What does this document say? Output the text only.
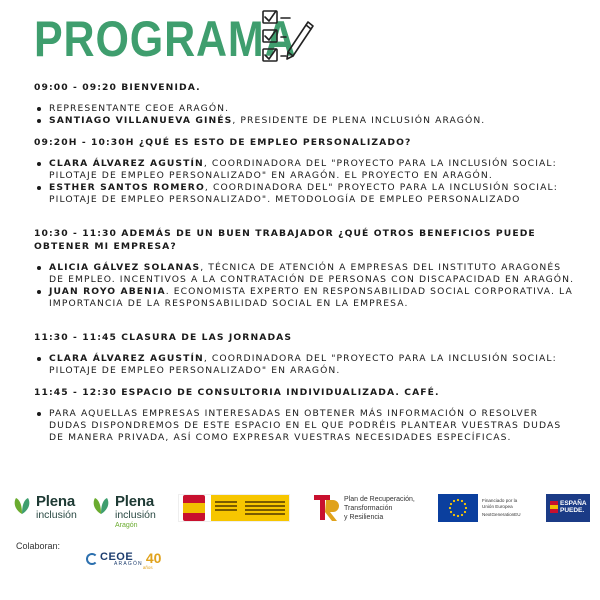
PROGRAMA
09:00 - 09:20 BIENVENIDA.
REPRESENTANTE CEOE ARAGÓN.
SANTIAGO VILLANUEVA GINÉS, PRESIDENTE DE PLENA INCLUSIÓN ARAGÓN.
09:20H - 10:30H ¿QUÉ ES ESTO DE EMPLEO PERSONALIZADO?
CLARA ÁLVAREZ AGUSTÍN, COORDINADORA DEL "PROYECTO PARA LA INCLUSIÓN SOCIAL: PILOTAJE DE EMPLEO PERSONALIZADO" EN ARAGÓN. EL PROYECTO EN ARAGÓN.
ESTHER SANTOS ROMERO, COORDINADORA DEL" PROYECTO PARA LA INCLUSIÓN SOCIAL: PILOTAJE DE EMPLEO PERSONALIZADO". METODOLOGÍA DE EMPLEO PERSONALIZADO
10:30 - 11:30 ADEMÁS DE UN BUEN TRABAJADOR ¿QUÉ OTROS BENEFICIOS PUEDE OBTENER MI EMPRESA?
ALICIA GÁLVEZ SOLANAS, TÉCNICA DE ATENCIÓN A EMPRESAS DEL INSTITUTO ARAGONÉS DE EMPLEO. INCENTIVOS A LA CONTRATACIÓN DE PERSONAS CON DISCAPACIDAD EN ARAGÓN.
JUAN ROYO ABENIA. ECONOMISTA EXPERTO EN RESPONSABILIDAD SOCIAL CORPORATIVA. LA IMPORTANCIA DE LA RESPONSABILIDAD SOCIAL EN LA EMPRESA.
11:30 - 11:45 CLASURA DE LAS JORNADAS
CLARA ÁLVAREZ AGUSTÍN, COORDINADORA DEL "PROYECTO PARA LA INCLUSIÓN SOCIAL: PILOTAJE DE EMPLEO PERSONALIZADO" EN ARAGÓN.
11:45 - 12:30 ESPACIO DE CONSULTORIA INDIVIDUALIZADA. CAFÉ.
PARA AQUELLAS EMPRESAS INTERESADAS EN OBTENER MÁS INFORMACIÓN O RESOLVER DUDAS DISPONDREMOS DE ESTE ESPACIO EN EL QUE PODRÉIS PLANTEAR VUESTRAS DUDAS DE MANERA PRIVADA, ASÍ COMO EXPRESAR VUESTRAS NECESIDADES ESPECÍFICAS.
Plena
inclusión
Plena
inclusión
Aragón
Plan de Recuperación,
Transformación
y Resiliencia
Financiado por la
Unión Europea
NextGenerationEU
ESPAÑA
PUEDE.
Colaboran:
CEOE
ARAGÓN 40
años
